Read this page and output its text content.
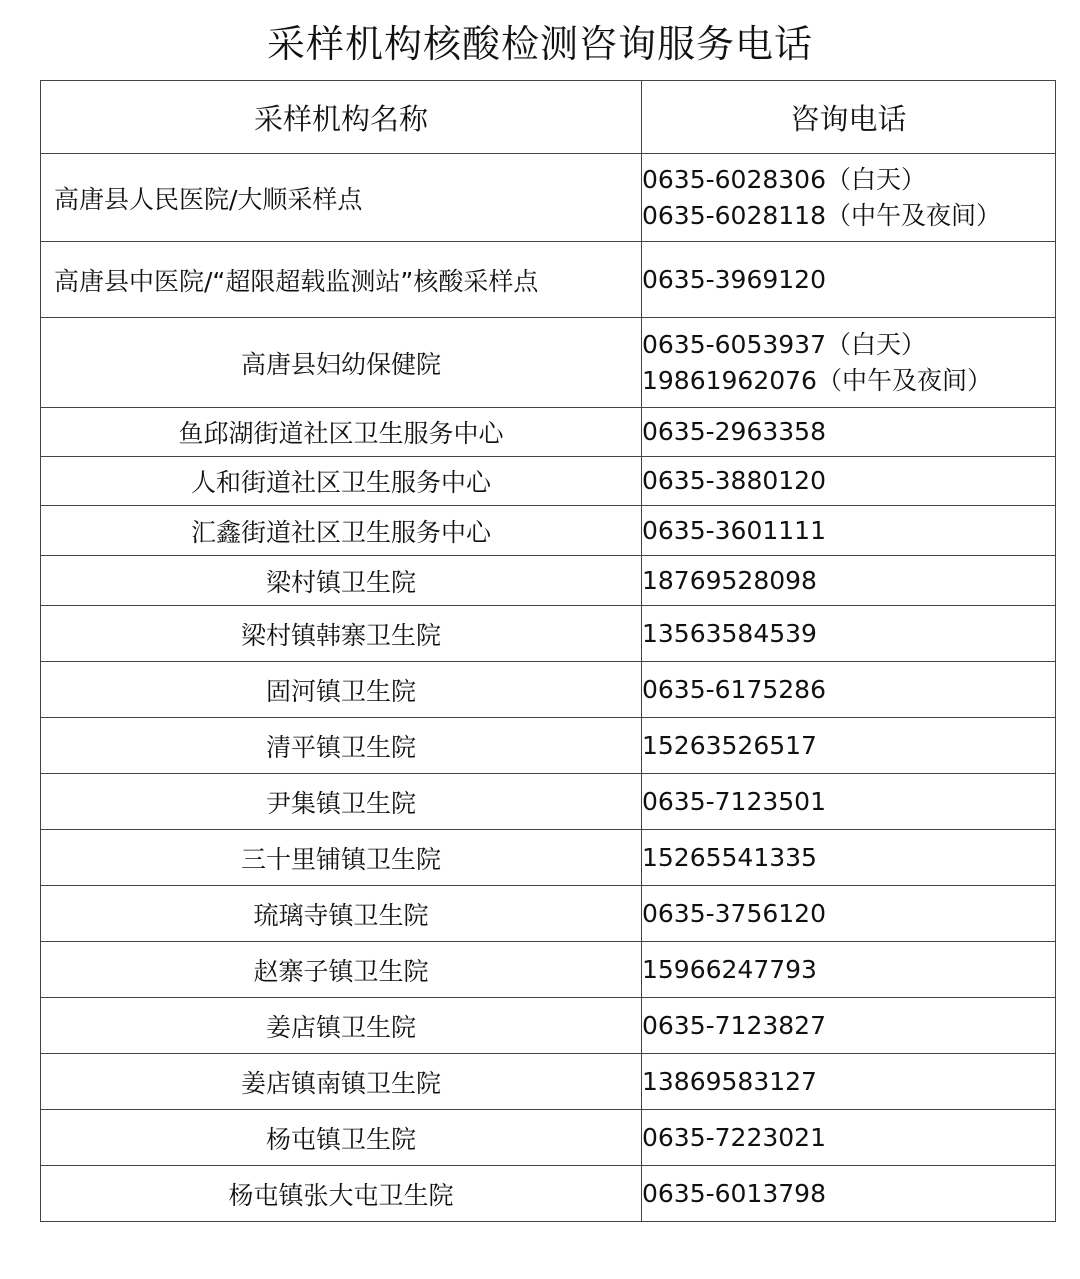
采样机构核酸检测咨询服务电话
采样机构名称	咨询电话
高唐县人民医院/大顺采样点	0635-6028306（白天）
0635-6028118（中午及夜间）

高唐县中医院/“超限超载监测站”核酸采样点	0635-3969120

高唐县妇幼保健院	0635-6053937（白天）
19861962076（中午及夜间）

鱼邱湖街道社区卫生服务中心	0635-2963358

人和街道社区卫生服务中心	0635-3880120

汇鑫街道社区卫生服务中心	0635-3601111

梁村镇卫生院	18769528098

梁村镇韩寨卫生院	13563584539

固河镇卫生院	0635-6175286

清平镇卫生院	15263526517

尹集镇卫生院	0635-7123501

三十里铺镇卫生院	15265541335

琉璃寺镇卫生院	0635-3756120

赵寨子镇卫生院	15966247793

姜店镇卫生院	0635-7123827

姜店镇南镇卫生院	13869583127

杨屯镇卫生院	0635-7223021

杨屯镇张大屯卫生院	0635-6013798
